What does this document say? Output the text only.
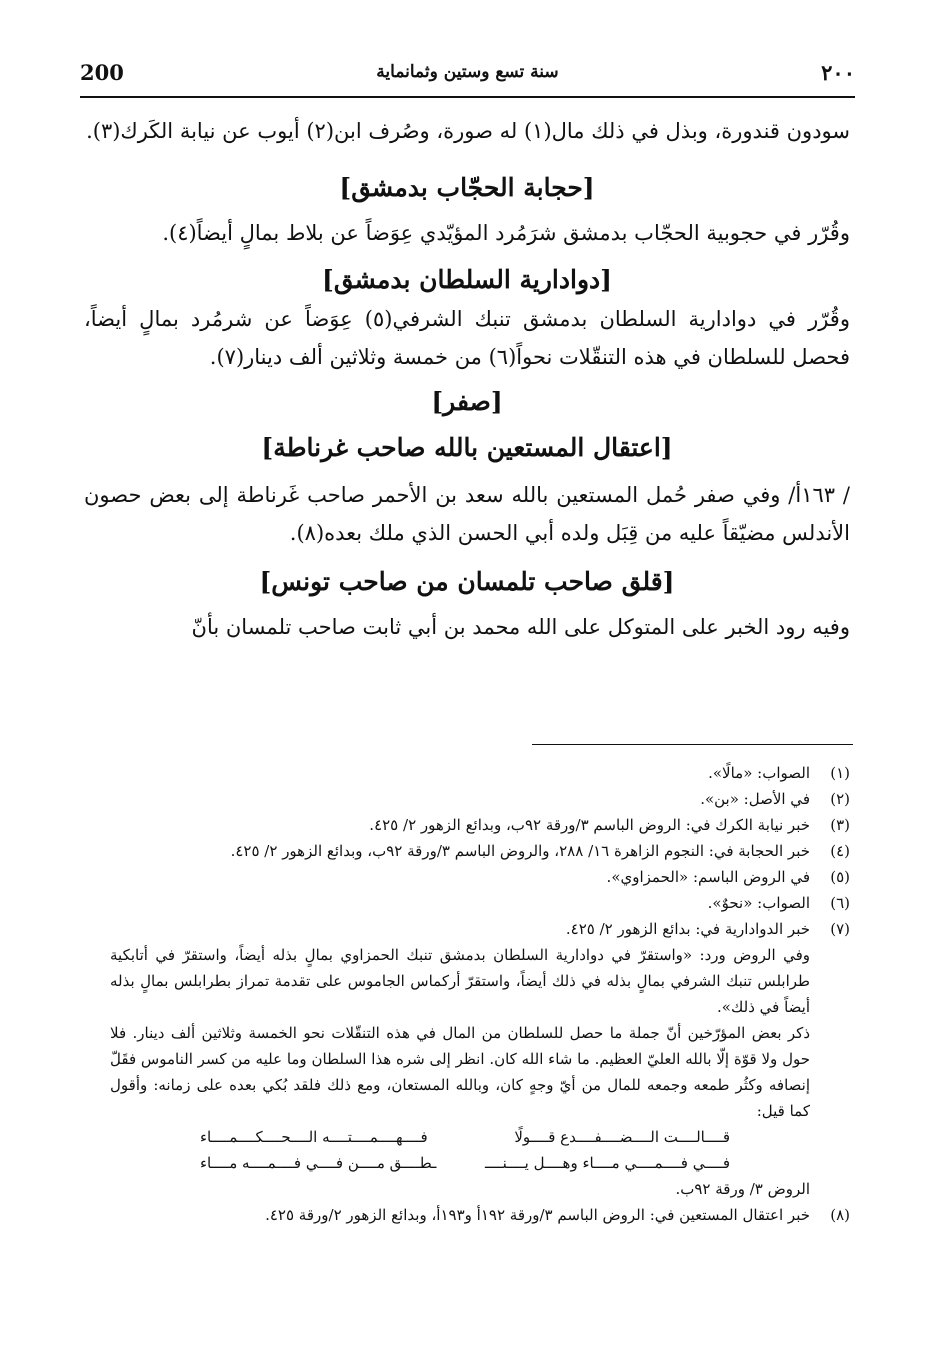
200	سنة تسع وستين وثمانماية	٢٠٠

سودون قندورة، وبذل في ذلك مال(١) له صورة، وصُرف ابن(٢) أيوب عن نيابة الكَرك(٣).

[حجابة الحجّاب بدمشق]

وقُرّر في حجوبية الحجّاب بدمشق شرَمُرد المؤيّدي عِوَضاً عن بلاط بمالٍ أيضاً(٤).

[دوادارية السلطان بدمشق]

وقُرّر في دوادارية السلطان بدمشق تنبك الشرفي(٥) عِوَضاً عن شرمُرد بمالٍ أيضاً، فحصل للسلطان في هذه التنقّلات نحواً(٦) من خمسة وثلاثين ألف دينار(٧).

[صفر]

[اعتقال المستعين بالله صاحب غرناطة]

/ ١٦٣أ/ وفي صفر حُمل المستعين بالله سعد بن الأحمر صاحب غَرناطة إلى بعض حصون الأندلس مضيّقاً عليه من قِبَل ولده أبي الحسن الذي ملك بعده(٨).

[قلق صاحب تلمسان من صاحب تونس]

وفيه رود الخبر على المتوكل على الله محمد بن أبي ثابت صاحب تلمسان بأنّ

(١)
الصواب: «مالًا».
(٢)
في الأصل: «بن».
(٣)
خبر نيابة الكرك في: الروض الباسم ٣/ورقة ٩٢ب، وبدائع الزهور ٢/ ٤٢٥.
(٤)
خبر الحجابة في: النجوم الزاهرة ١٦/ ٢٨٨، والروض الباسم ٣/ورقة ٩٢ب، وبدائع الزهور ٢/ ٤٢٥.
(٥)
في الروض الباسم: «الحمزاوي».
(٦)
الصواب: «نحوٌ».
(٧)
خبر الدوادارية في: بدائع الزهور ٢/ ٤٢٥.

وفي الروض ورد: «واستقرّ في دوادارية السلطان بدمشق تنبك الحمزاوي بمالٍ بذله أيضاً، واستقرّ في أتابكية طرابلس تنبك الشرفي بمالٍ بذله في ذلك أيضاً، واستقرّ أركماس الجاموس على تقدمة تمراز بطرابلس بمالٍ بذله أيضاً في ذلك».

ذكر بعض المؤرّخين أنّ جملة ما حصل للسلطان من المال في هذه التنقّلات نحو الخمسة وثلاثين ألف دينار. فلا حول ولا قوّة إلّا بالله العليّ العظيم. ما شاء الله كان. انظر إلى شره هذا السلطان وما عليه من كسر الناموس فقَلّ إنصافه وكثُر طمعه وجمعه للمال من أيّ وجهٍ كان، وبالله المستعان، ومع ذلك فلقد بُكي بعده على زمانه: وأقول كما قيل:

قــــالــــت الــــضــــفــــدع قــــولًا
فــــهــــمــــتــــه الــــحــــكــــمــــاء
فــــي فــــمــــي مــــاء وهــــل يــــنــــ
ـطــــق مــــن فــــي فــــمــــه مــــاء

الروض ٣/ ورقة ٩٢ب.

(٨)
خبر اعتقال المستعين في: الروض الباسم ٣/ورقة ١٩٢أ و١٩٣أ، وبدائع الزهور ٢/ورقة ٤٢٥.
